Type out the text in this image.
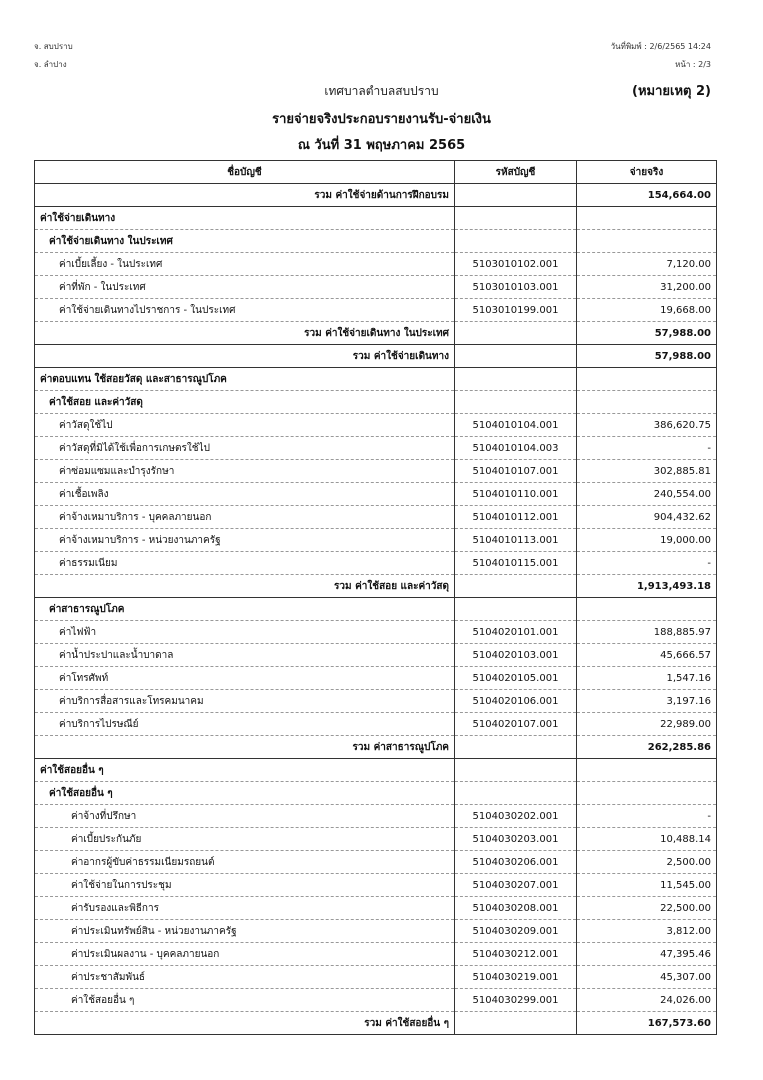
จ. สบปราบ
จ. ลำปาง
วันที่พิมพ์ : 2/6/2565 14:24
หน้า : 2/3
เทศบาลตำบลสบปราบ	(หมายเหตุ 2)
รายจ่ายจริงประกอบรายงานรับ-จ่ายเงิน
ณ วันที่ 31 พฤษภาคม 2565
ชื่อบัญชี	รหัสบัญชี	จ่ายจริง
รวม ค่าใช้จ่ายด้านการฝึกอบรม		154,664.00
ค่าใช้จ่ายเดินทาง		
ค่าใช้จ่ายเดินทาง ในประเทศ		
ค่าเบี้ยเลี้ยง - ในประเทศ	5103010102.001	7,120.00
ค่าที่พัก - ในประเทศ	5103010103.001	31,200.00
ค่าใช้จ่ายเดินทางไปราชการ - ในประเทศ	5103010199.001	19,668.00
รวม ค่าใช้จ่ายเดินทาง ในประเทศ		57,988.00
รวม ค่าใช้จ่ายเดินทาง		57,988.00
ค่าตอบแทน ใช้สอยวัสดุ และสาธารณูปโภค		
ค่าใช้สอย และค่าวัสดุ		
ค่าวัสดุใช้ไป	5104010104.001	386,620.75
ค่าวัสดุที่มิได้ใช้เพื่อการเกษตรใช้ไป	5104010104.003	-
ค่าซ่อมแซมและบำรุงรักษา	5104010107.001	302,885.81
ค่าเชื้อเพลิง	5104010110.001	240,554.00
ค่าจ้างเหมาบริการ - บุคคลภายนอก	5104010112.001	904,432.62
ค่าจ้างเหมาบริการ - หน่วยงานภาครัฐ	5104010113.001	19,000.00
ค่าธรรมเนียม	5104010115.001	-
รวม ค่าใช้สอย และค่าวัสดุ		1,913,493.18
ค่าสาธารณูปโภค		
ค่าไฟฟ้า	5104020101.001	188,885.97
ค่าน้ำประปาและน้ำบาดาล	5104020103.001	45,666.57
ค่าโทรศัพท์	5104020105.001	1,547.16
ค่าบริการสื่อสารและโทรคมนาคม	5104020106.001	3,197.16
ค่าบริการไปรษณีย์	5104020107.001	22,989.00
รวม ค่าสาธารณูปโภค		262,285.86
ค่าใช้สอยอื่น ๆ		
ค่าใช้สอยอื่น ๆ		
ค่าจ้างที่ปรึกษา	5104030202.001	-
ค่าเบี้ยประกันภัย	5104030203.001	10,488.14
ค่าอากรผู้ขับค่าธรรมเนียมรถยนต์	5104030206.001	2,500.00
ค่าใช้จ่ายในการประชุม	5104030207.001	11,545.00
ค่ารับรองและพิธีการ	5104030208.001	22,500.00
ค่าประเมินทรัพย์สิน - หน่วยงานภาครัฐ	5104030209.001	3,812.00
ค่าประเมินผลงาน - บุคคลภายนอก	5104030212.001	47,395.46
ค่าประชาสัมพันธ์	5104030219.001	45,307.00
ค่าใช้สอยอื่น ๆ	5104030299.001	24,026.00
รวม ค่าใช้สอยอื่น ๆ		167,573.60
